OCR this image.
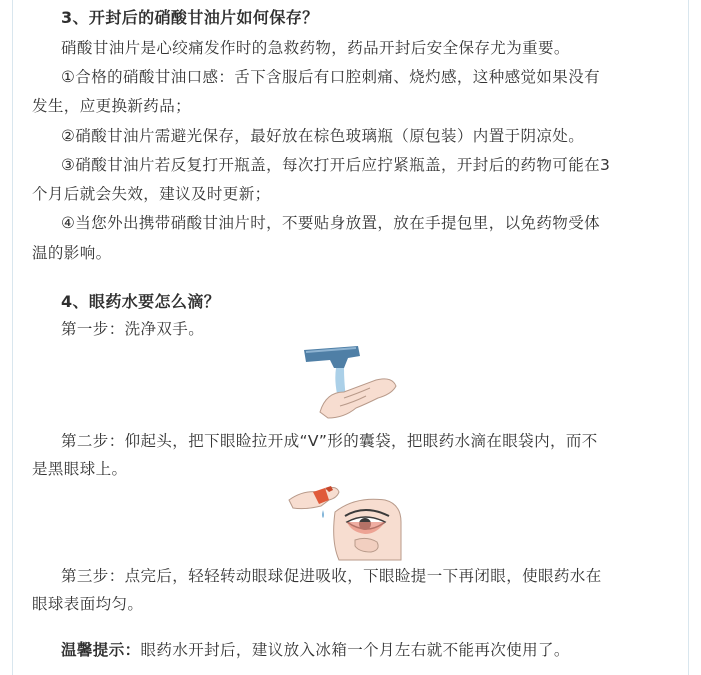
3、开封后的硝酸甘油片如何保存？
硝酸甘油片是心绞痛发作时的急救药物，药品开封后安全保存尤为重要。
①合格的硝酸甘油口感：舌下含服后有口腔刺痛、烧灼感，这种感觉如果没有
发生，应更换新药品；
②硝酸甘油片需避光保存，最好放在棕色玻璃瓶（原包装）内置于阴凉处。
③硝酸甘油片若反复打开瓶盖，每次打开后应拧紧瓶盖，开封后的药物可能在3
个月后就会失效，建议及时更新；
④当您外出携带硝酸甘油片时，不要贴身放置，放在手提包里，以免药物受体
温的影响。
4、眼药水要怎么滴？
第一步：洗净双手。
第二步：仰起头，把下眼睑拉开成“V”形的囊袋，把眼药水滴在眼袋内，而不
是黑眼球上。
第三步：点完后，轻轻转动眼球促进吸收，下眼睑提一下再闭眼，使眼药水在
眼球表面均匀。
温馨提示：眼药水开封后，建议放入冰箱一个月左右就不能再次使用了。
